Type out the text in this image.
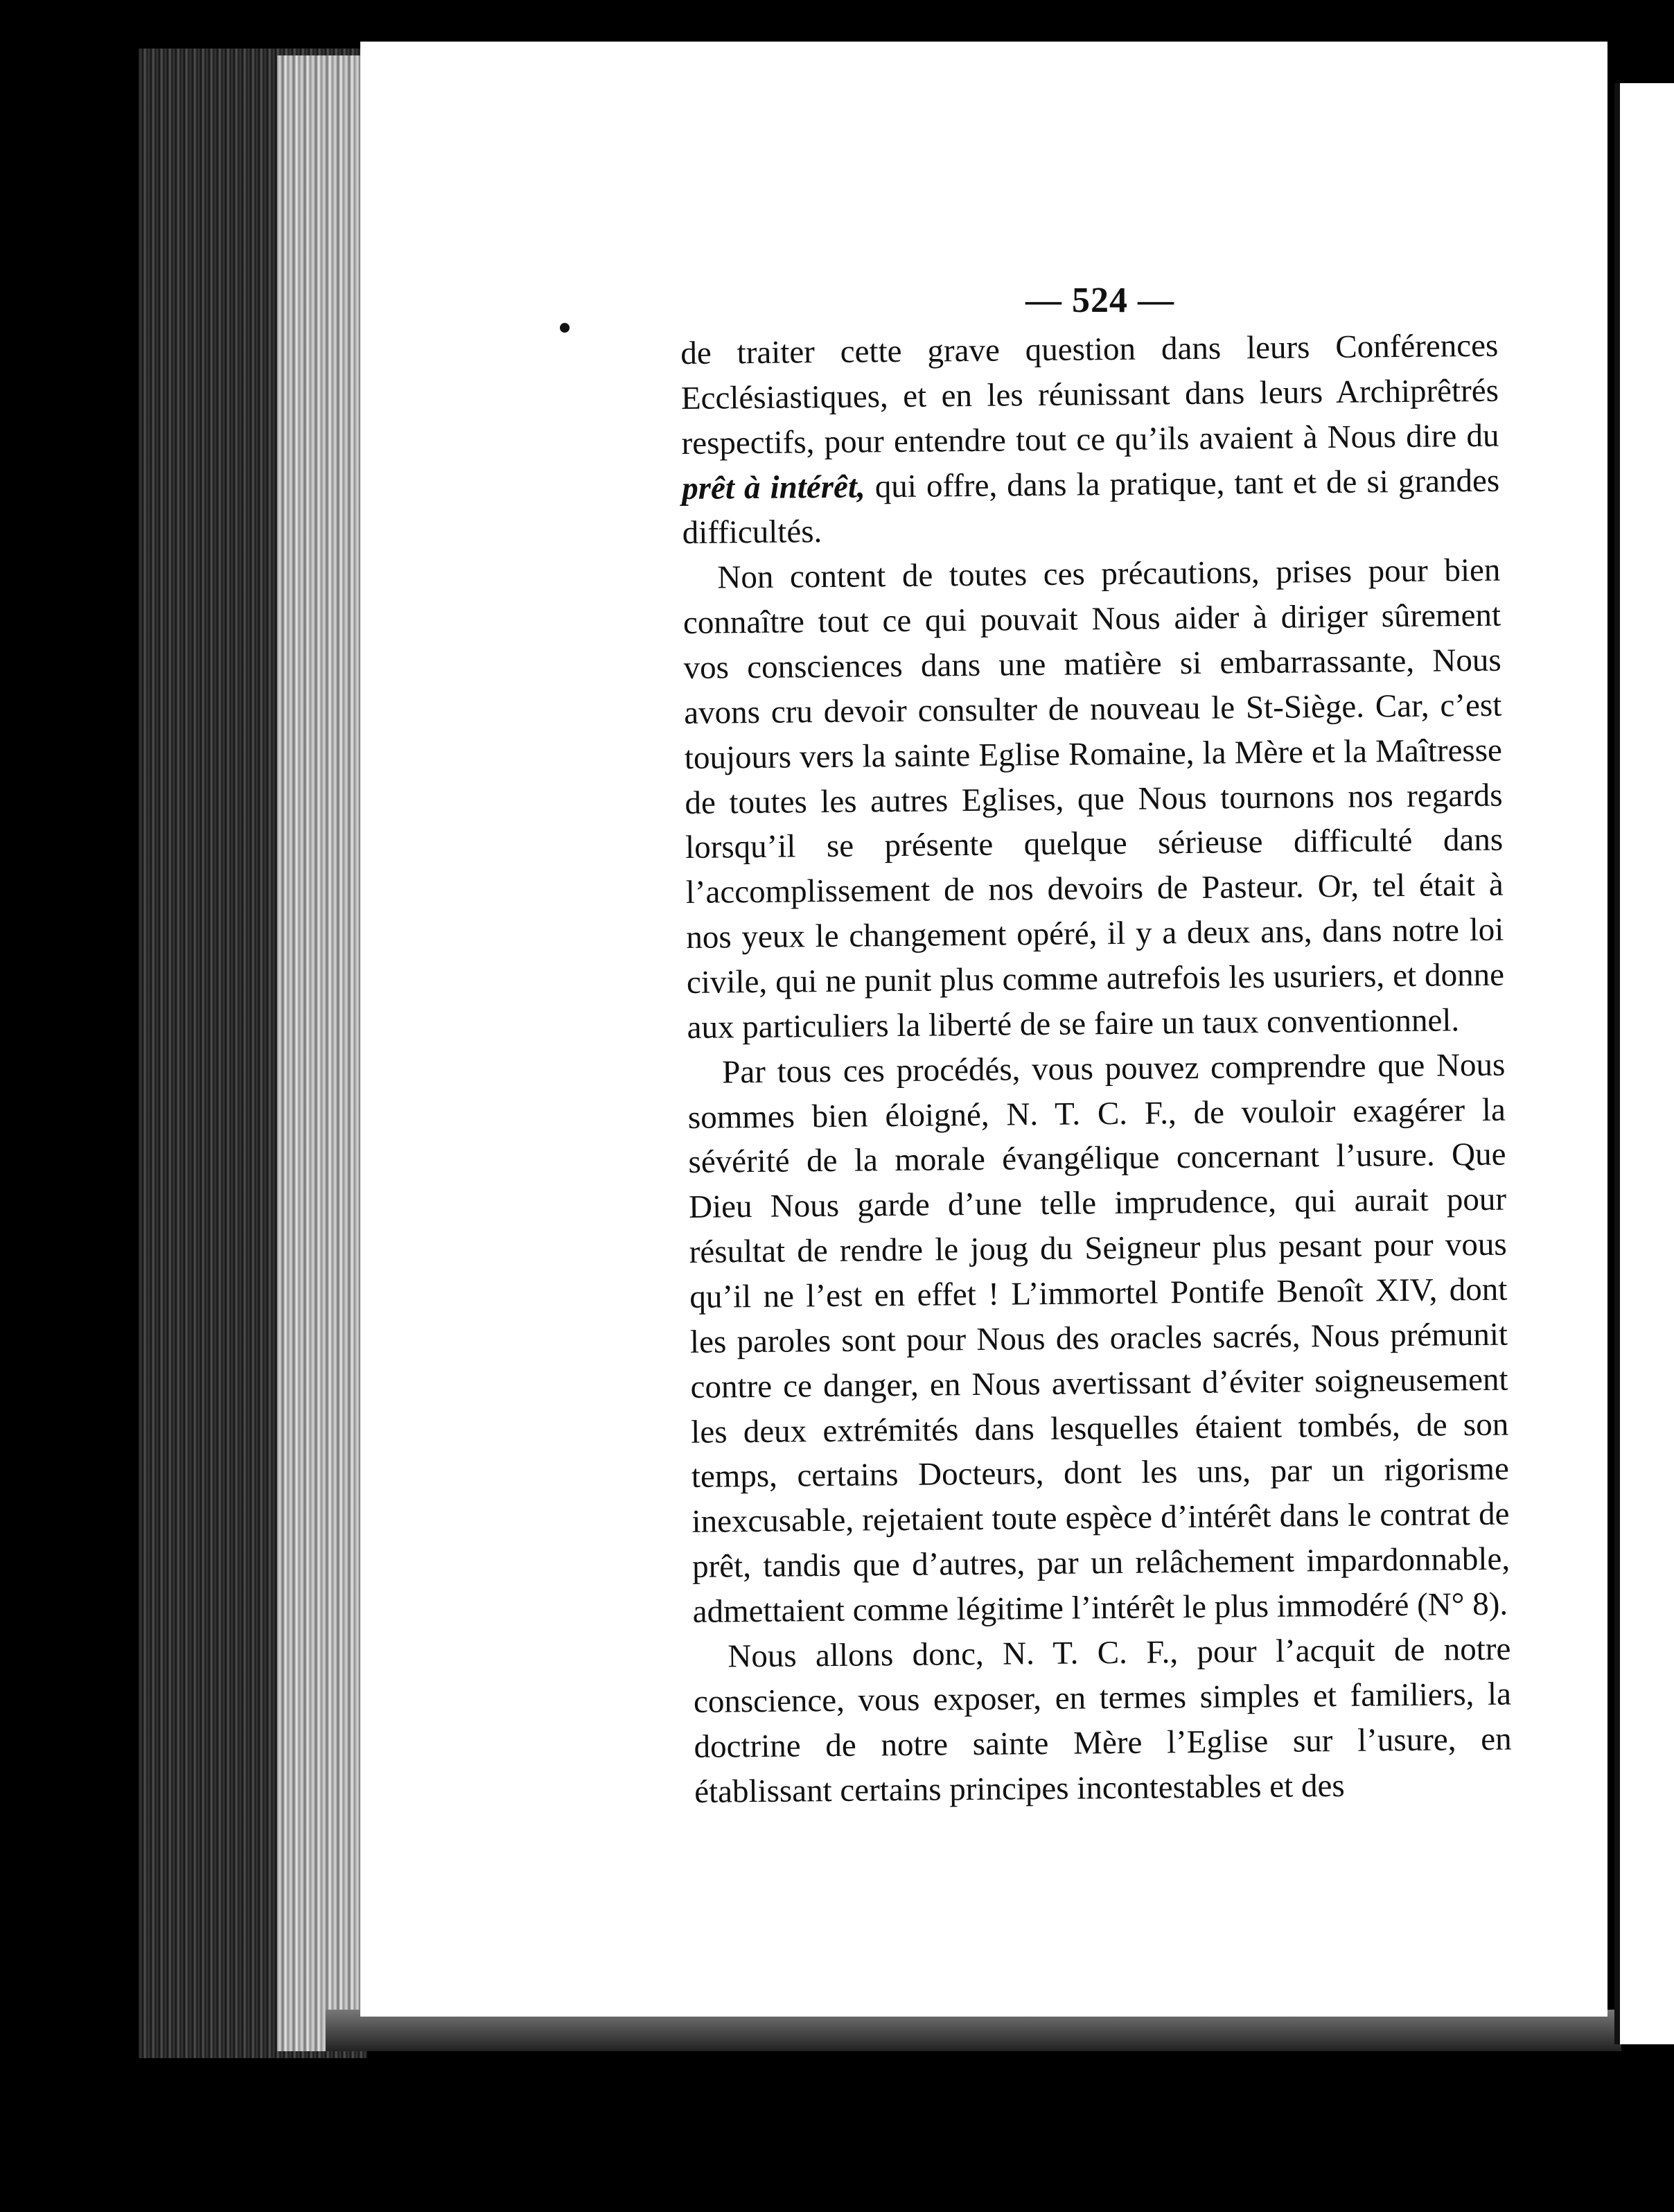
— 524 —

de traiter cette grave question dans leurs Conférences Ecclésiastiques, et en les réunissant dans leurs Archiprêtrés respectifs, pour entendre tout ce qu’ils avaient à Nous dire du prêt à intérêt, qui offre, dans la pratique, tant et de si grandes difficultés.

Non content de toutes ces précautions, prises pour bien connaître tout ce qui pouvait Nous aider à diriger sûrement vos consciences dans une matière si embarrassante, Nous avons cru devoir consulter de nouveau le St-Siège. Car, c’est toujours vers la sainte Eglise Romaine, la Mère et la Maîtresse de toutes les autres Eglises, que Nous tournons nos regards lorsqu’il se présente quelque sérieuse difficulté dans l’accomplissement de nos devoirs de Pasteur. Or, tel était à nos yeux le changement opéré, il y a deux ans, dans notre loi civile, qui ne punit plus comme autrefois les usuriers, et donne aux particuliers la liberté de se faire un taux conventionnel.

Par tous ces procédés, vous pouvez comprendre que Nous sommes bien éloigné, N. T. C. F., de vouloir exagérer la sévérité de la morale évangélique concernant l’usure. Que Dieu Nous garde d’une telle imprudence, qui aurait pour résultat de rendre le joug du Seigneur plus pesant pour vous qu’il ne l’est en effet ! L’immortel Pontife Benoît XIV, dont les paroles sont pour Nous des oracles sacrés, Nous prémunit contre ce danger, en Nous avertissant d’éviter soigneusement les deux extrémités dans lesquelles étaient tombés, de son temps, certains Docteurs, dont les uns, par un rigorisme inexcusable, rejetaient toute espèce d’intérêt dans le contrat de prêt, tandis que d’autres, par un relâchement impardonnable, admettaient comme légitime l’intérêt le plus immodéré (N° 8).

Nous allons donc, N. T. C. F., pour l’acquit de notre conscience, vous exposer, en termes simples et familiers, la doctrine de notre sainte Mère l’Eglise sur l’usure, en établissant certains principes incontestables et des
